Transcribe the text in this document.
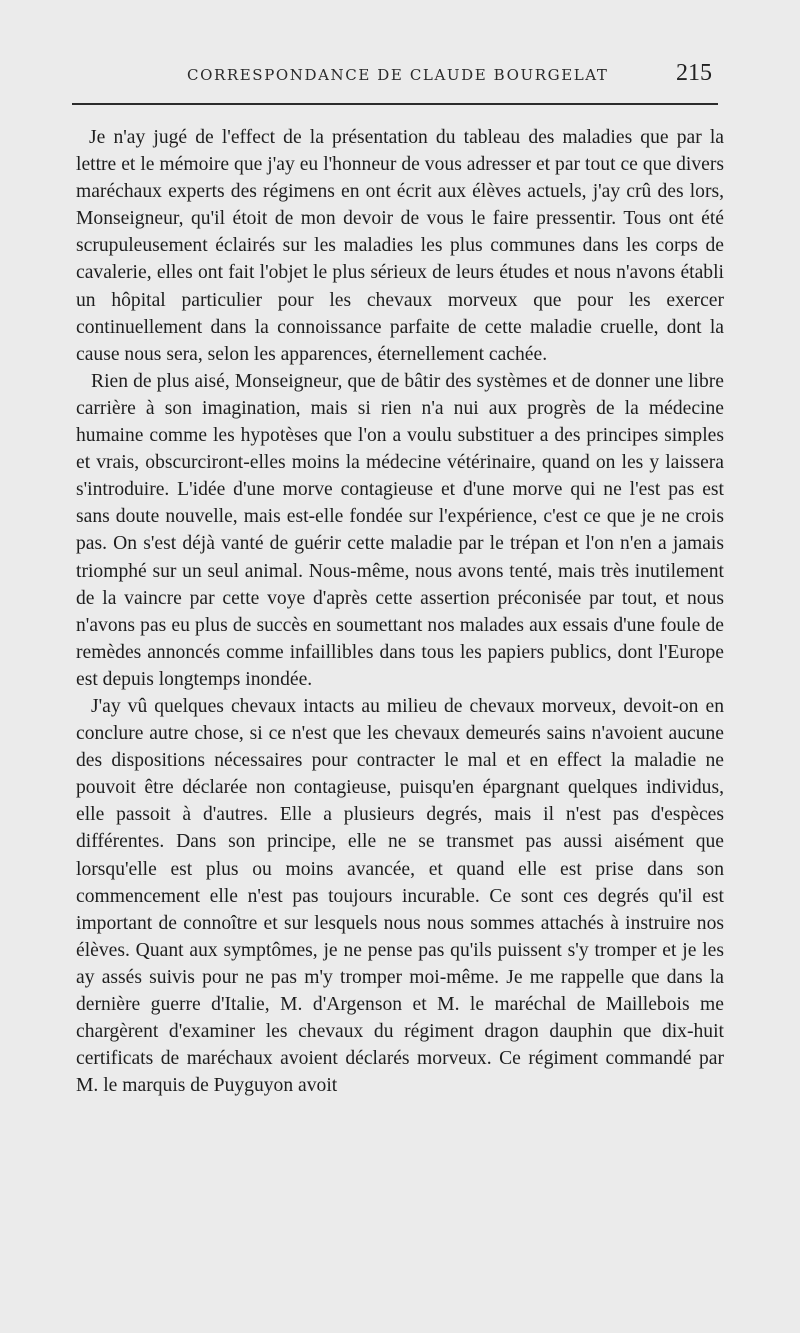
CORRESPONDANCE DE CLAUDE BOURGELAT	215

Je n'ay jugé de l'effect de la présentation du tableau des maladies que par la lettre et le mémoire que j'ay eu l'honneur de vous adresser et par tout ce que divers maréchaux experts des régimens en ont écrit aux élèves actuels, j'ay crû des lors, Monseigneur, qu'il étoit de mon devoir de vous le faire pressentir. Tous ont été scrupuleusement éclairés sur les maladies les plus communes dans les corps de cavalerie, elles ont fait l'objet le plus sérieux de leurs études et nous n'avons établi un hôpital particulier pour les chevaux morveux que pour les exercer continuellement dans la connoissance parfaite de cette maladie cruelle, dont la cause nous sera, selon les apparences, éternellement cachée.

Rien de plus aisé, Monseigneur, que de bâtir des systèmes et de donner une libre carrière à son imagination, mais si rien n'a nui aux progrès de la médecine humaine comme les hypotèses que l'on a voulu substituer a des principes simples et vrais, obscurciront-elles moins la médecine vétérinaire, quand on les y laissera s'introduire. L'idée d'une morve contagieuse et d'une morve qui ne l'est pas est sans doute nouvelle, mais est-elle fondée sur l'expérience, c'est ce que je ne crois pas. On s'est déjà vanté de guérir cette maladie par le trépan et l'on n'en a jamais triomphé sur un seul animal. Nous-même, nous avons tenté, mais très inutilement de la vaincre par cette voye d'après cette assertion préconisée par tout, et nous n'avons pas eu plus de succès en soumettant nos malades aux essais d'une foule de remèdes annoncés comme infaillibles dans tous les papiers publics, dont l'Europe est depuis longtemps inondée.

J'ay vû quelques chevaux intacts au milieu de chevaux morveux, devoit-on en conclure autre chose, si ce n'est que les chevaux demeurés sains n'avoient aucune des dispositions nécessaires pour contracter le mal et en effect la maladie ne pouvoit être déclarée non contagieuse, puisqu'en épargnant quelques individus, elle passoit à d'autres. Elle a plusieurs degrés, mais il n'est pas d'espèces différentes. Dans son principe, elle ne se transmet pas aussi aisément que lorsqu'elle est plus ou moins avancée, et quand elle est prise dans son commencement elle n'est pas toujours incurable. Ce sont ces degrés qu'il est important de connoître et sur lesquels nous nous sommes attachés à instruire nos élèves. Quant aux symptômes, je ne pense pas qu'ils puissent s'y tromper et je les ay assés suivis pour ne pas m'y tromper moi-même. Je me rappelle que dans la dernière guerre d'Italie, M. d'Argenson et M. le maréchal de Maillebois me chargèrent d'examiner les chevaux du régiment dragon dauphin que dix-huit certificats de maréchaux avoient déclarés morveux. Ce régiment commandé par M. le marquis de Puyguyon avoit
